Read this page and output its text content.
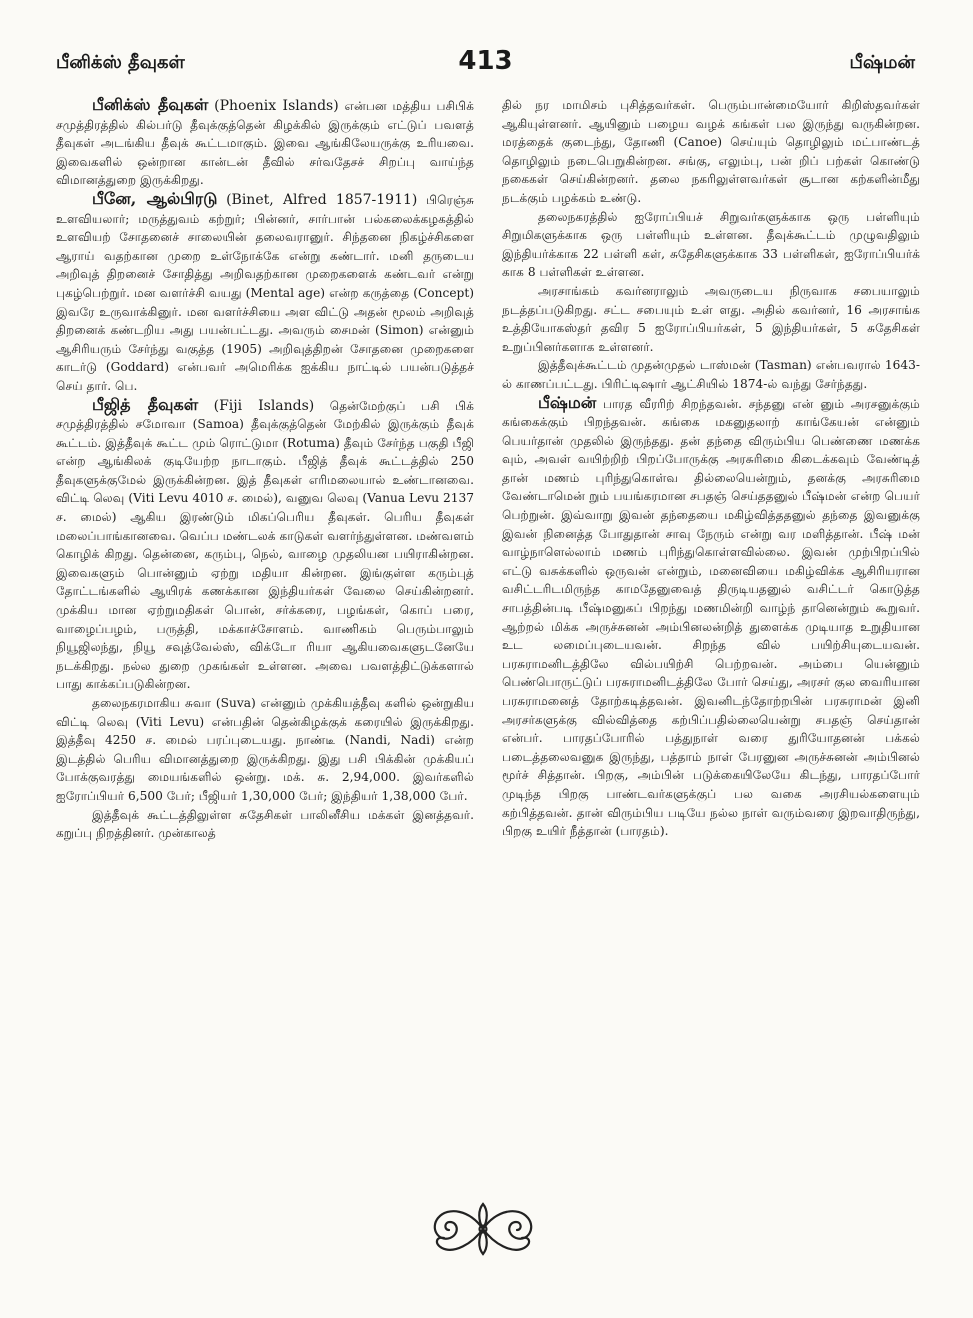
பீனிக்ஸ் தீவுகள்	413	பீஷ்மன்

பீனிக்ஸ் தீவுகள் (Phoenix Islands) என்பன மத்திய பசிபிக் சமுத்திரத்தில் கில்பர்டு தீவுக்குத்தென் கிழக்கில் இருக்கும் எட்டுப் பவளத் தீவுகள் அடங்கிய தீவுக் கூட்டமாகும். இவை ஆங்கிலேயருக்கு உரியவை. இவைகளில் ஒன்றான கான்டன் தீவில் சர்வதேசச் சிறப்பு வாய்ந்த விமானத்துறை இருக்கிறது.

பீனே, ஆல்பிரடு (Binet, Alfred 1857-1911) பிரெஞ்சு உளவியலார்; மருத்துவம் கற்றுர்; பின்னர், சார்பான் பல்கலைக்கழகத்தில் உளவியற் சோதனைச் சாலையின் தலைவரானுர். சிந்தனை நிகழ்ச்சிகளை ஆராய் வதற்கான முறை உள்நோக்கே என்று கண்டார். மனி தருடைய அறிவுத் திறனைச் சோதித்து அறிவதற்கான முறைகளைக் கண்டவர் என்று புகழ்பெற்றுர். மன வளர்ச்சி வயது (Mental age) என்ற கருத்தை (Concept) இவரே உருவாக்கினுர். மன வளர்ச்சியை அள விட்டு அதன் மூலம் அறிவுத் திறனைக் கண்டறிய அது பயன்பட்டது. அவரும் சைமன் (Simon) என்னும் ஆசிரியரும் சேர்ந்து வகுத்த (1905) அறிவுத்திறன் சோதனை முறைகளை காடர்டு (Goddard) என்பவர் அமெரிக்க ஐக்கிய நாட்டில் பயன்படுத்தச் செய் தார். பெ.

பீஜித் தீவுகள் (Fiji Islands) தென்மேற்குப் பசி பிக் சமுத்திரத்தில் சமோவா (Samoa) தீவுக்குத்தென் மேற்கில் இருக்கும் தீவுக் கூட்டம். இத்தீவுக் கூட்ட மும் ரொட்டுமா (Rotuma) தீவும் சேர்ந்த பகுதி பீஜி என்ற ஆங்கிலக் குடியேற்ற நாடாகும். பீஜித் தீவுக் கூட்டத்தில் 250 தீவுகளுக்குமேல் இருக்கின்றன. இத் தீவுகள் எரிமலையால் உண்டானவை. விட்டி லெவு (Viti Levu 4010 ச. மைல்), வனுவ லெவு (Vanua Levu 2137 ச. மைல்) ஆகிய இரண்டும் மிகப்பெரிய தீவுகள். பெரிய தீவுகள் மலைப்பாங்கானவை. வெப்ப மண்டலக் காடுகள் வளர்ந்துள்ளன. மண்வளம் கொழிக் கிறது. தென்னை, கரும்பு, நெல், வாழை முதலியன பயிராகின்றன. இவைகளும் பொன்னும் ஏற்று மதியா கின்றன. இங்குள்ள கரும்புத் தோட்டங்களில் ஆயிரக் கணக்கான இந்தியர்கள் வேலை செய்கின்றனர். முக்கிய மான ஏற்றுமதிகள் பொன், சர்க்கரை, பழங்கள், கொப் பரை, வாழைப்பழம், பருத்தி, மக்காச்சோளம். வாணிகம் பெரும்பாலும் நியூஜிலந்து, நியூ சவுத்வேல்ஸ், விக்டோ ரியா ஆகியவைகளுடனேயே நடக்கிறது. நல்ல துறை முகங்கள் உள்ளன. அவை பவளத்திட்டுக்களால் பாது காக்கப்படுகின்றன.

தலைநகரமாகிய சுவா (Suva) என்னும் முக்கியத்தீவு களில் ஒன்றுகிய விட்டி லெவு (Viti Levu) என்பதின் தென்கிழக்குக் கரையில் இருக்கிறது. இத்தீவு 4250 ச. மைல் பரப்புடையது. நாண்டீ (Nandi, Nadi) என்ற இடத்தில் பெரிய விமானத்துறை இருக்கிறது. இது பசி பிக்கின் முக்கியப் போக்குவரத்து மையங்களில் ஒன்று. மக். சு. 2,94,000. இவர்களில் ஐரோப்பியர் 6,500 பேர்; பீஜியர் 1,30,000 பேர்; இந்தியர் 1,38,000 பேர்.

இத்தீவுக் கூட்டத்திலுள்ள சுதேசிகள் பாலினீசிய மக்கள் இனத்தவர். கறுப்பு நிறத்தினர். முன்காலத்

தில் நர மாமிசம் புசித்தவர்கள். பெரும்பான்மையோர் கிறிஸ்தவர்கள் ஆகியுள்ளனர். ஆயினும் பழைய வழக் கங்கள் பல இருந்து வருகின்றன. மரத்தைக் குடைந்து, தோணி (Canoe) செய்யும் தொழிலும் மட்பாண்டத் தொழிலும் நடைபெறுகின்றன. சங்கு, எலும்பு, பன் றிப் பற்கள் கொண்டு நகைகள் செய்கின்றனர். தலை நகரிலுள்ளவர்கள் சூடான கற்களின்மீது நடக்கும் பழக்கம் உண்டு.

தலைநகரத்தில் ஐரோப்பியச் சிறுவர்களுக்காக ஒரு பள்ளியும் சிறுமிகளுக்காக ஒரு பள்ளியும் உள்ளன. தீவுக்கூட்டம் முழுவதிலும் இந்தியர்க்காக 22 பள்ளி கள், சுதேசிகளுக்காக 33 பள்ளிகள், ஐரோப்பியர்க் காக 8 பள்ளிகள் உள்ளன.

அரசாங்கம் கவர்னராலும் அவருடைய நிருவாக சபையாலும் நடத்தப்படுகிறது. சட்ட சபையும் உள் ளது. அதில் கவர்னர், 16 அரசாங்க உத்தியோகஸ்தர் தவிர 5 ஐரோப்பியர்கள், 5 இந்தியர்கள், 5 சுதேசிகள் உறுப்பினர்களாக உள்ளனர்.

இத்தீவுக்கூட்டம் முதன்முதல் டாஸ்மன் (Tasman) என்பவரால் 1643-ல் காணப்பட்டது. பிரிட்டிஷார் ஆட்சியில் 1874-ல் வந்து சேர்ந்தது.

பீஷ்மன் பாரத வீரரிற் சிறந்தவன். சந்தனு என் னும் அரசனுக்கும் கங்கைக்கும் பிறந்தவன். கங்கை மகனுதலாற் காங்கேயன் என்னும் பெயர்தான் முதலில் இருந்தது. தன் தந்தை விரும்பிய பெண்ணை மணக்க வும், அவள் வயிற்றிற் பிறப்போருக்கு அரசுரிமை கிடைக்கவும் வேண்டித் தான் மணம் புரிந்துகொள்வ தில்லையென்றும், தனக்கு அரசுரிமை வேண்டாமென் றும் பயங்கரமான சபதஞ் செய்ததனுல் பீஷ்மன் என்ற பெயர் பெற்றுன். இவ்வாறு இவன் தந்தையை மகிழ்வித்ததனுல் தந்தை இவனுக்கு இவன் நினைத்த போதுதான் சாவு நேரும் என்று வர மளித்தான். பீஷ் மன் வாழ்நாளெல்லாம் மணம் புரிந்துகொள்ளவில்லை. இவன் முற்பிறப்பில் எட்டு வசுக்களில் ஒருவன் என்றும், மனைவியை மகிழ்விக்க ஆசிரியரான வசிட்டரிடமிருந்த காமதேனுவைத் திருடியதனுல் வசிட்டர் கொடுத்த சாபத்தின்படி பீஷ்மனுகப் பிறந்து மணமின்றி வாழ்ந் தானென்றும் கூறுவர். ஆற்றல் மிக்க அருச்சுனன் அம்பினலன்றித் துளைக்க முடியாத உறுதியான உட லமைப்புடையவன். சிறந்த வில் பயிற்சியுடையவன். பரசுராமனிடத்திலே வில்பயிற்சி பெற்றவன். அம்பை யென்னும் பெண்பொருட்டுப் பரசுராமனிடத்திலே போர் செய்து, அரசர் குல வைரியான பரசுராமனைத் தோற்கடித்தவன். இவனிடந்தோற்றபின் பரசுராமன் இனி அரசர்களுக்கு வில்வித்தை கற்பிப்பதில்லையென்று சபதஞ் செய்தான் என்பர். பாரதப்போரில் பத்துநாள் வரை துரியோதனன் பக்கல் படைத்தலைவனுக இருந்து, பத்தாம் நாள் பேரனுன அருச்சுனன் அம்பினல் மூர்ச் சித்தான். பிறகு, அம்பின் படுக்கையிலேயே கிடந்து, பாரதப்போர் முடிந்த பிறகு பாண்டவர்களுக்குப் பல வகை அரசியல்களையும் கற்பித்தவன். தான் விரும்பிய படியே நல்ல நாள் வரும்வரை இறவாதிருந்து, பிறகு உயிர் நீத்தான் (பாரதம்).
